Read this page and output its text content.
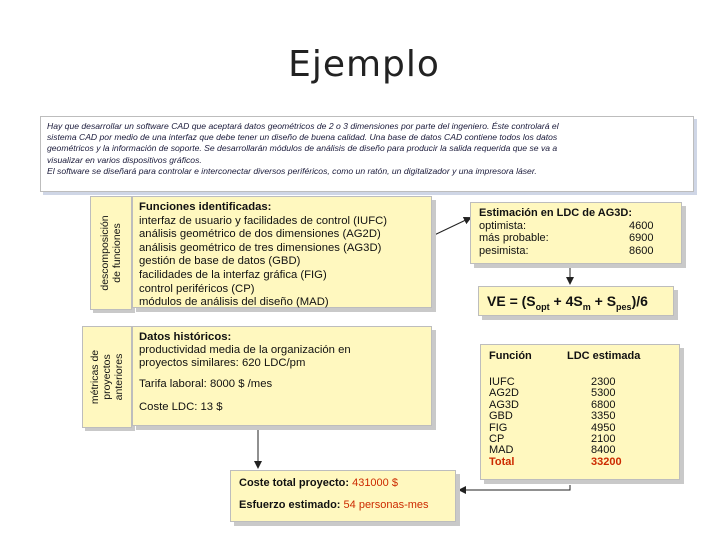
Ejemplo
Hay que desarrollar un software CAD que aceptará datos geométricos de 2 o 3 dimensiones por parte del ingeniero. Éste controlará el
sistema CAD por medio de una interfaz que debe tener un diseño de buena calidad. Una base de datos CAD contiene todos los datos
geométricos y la información de soporte. Se desarrollarán módulos de análisis de diseño para producir la salida requerida que se va a
visualizar en varios dispositivos gráficos.
El software se diseñará para controlar e interconectar diversos periféricos, como un ratón, un digitalizador y una impresora láser.
descomposición de funciones
Funciones identificadas:
interfaz de usuario y facilidades de control (IUFC)
análisis geométrico de dos dimensiones (AG2D)
análisis geométrico de tres dimensiones (AG3D)
gestión de base de datos (GBD)
facilidades de la interfaz gráfica (FIG)
control periféricos (CP)
módulos de análisis del diseño (MAD)
Estimación en LDC de AG3D:
optimista:	4600
más probable:	6900
pesimista:	8600
VE = $(S_{opt} + 4S_m + S_{pes})/6$
métricas de proyectos anteriores
Datos históricos:
productividad media de la organización en
proyectos similares: 620 LDC/pm
Tarifa laboral: 8000 $ /mes
Coste LDC: 13 $
Función	LDC estimada
IUFC	2300
AG2D	5300
AG3D	6800
GBD	3350
FIG	4950
CP	2100
MAD	8400
Total	33200
Coste total proyecto: 431000 $
Esfuerzo estimado: 54 personas-mes
